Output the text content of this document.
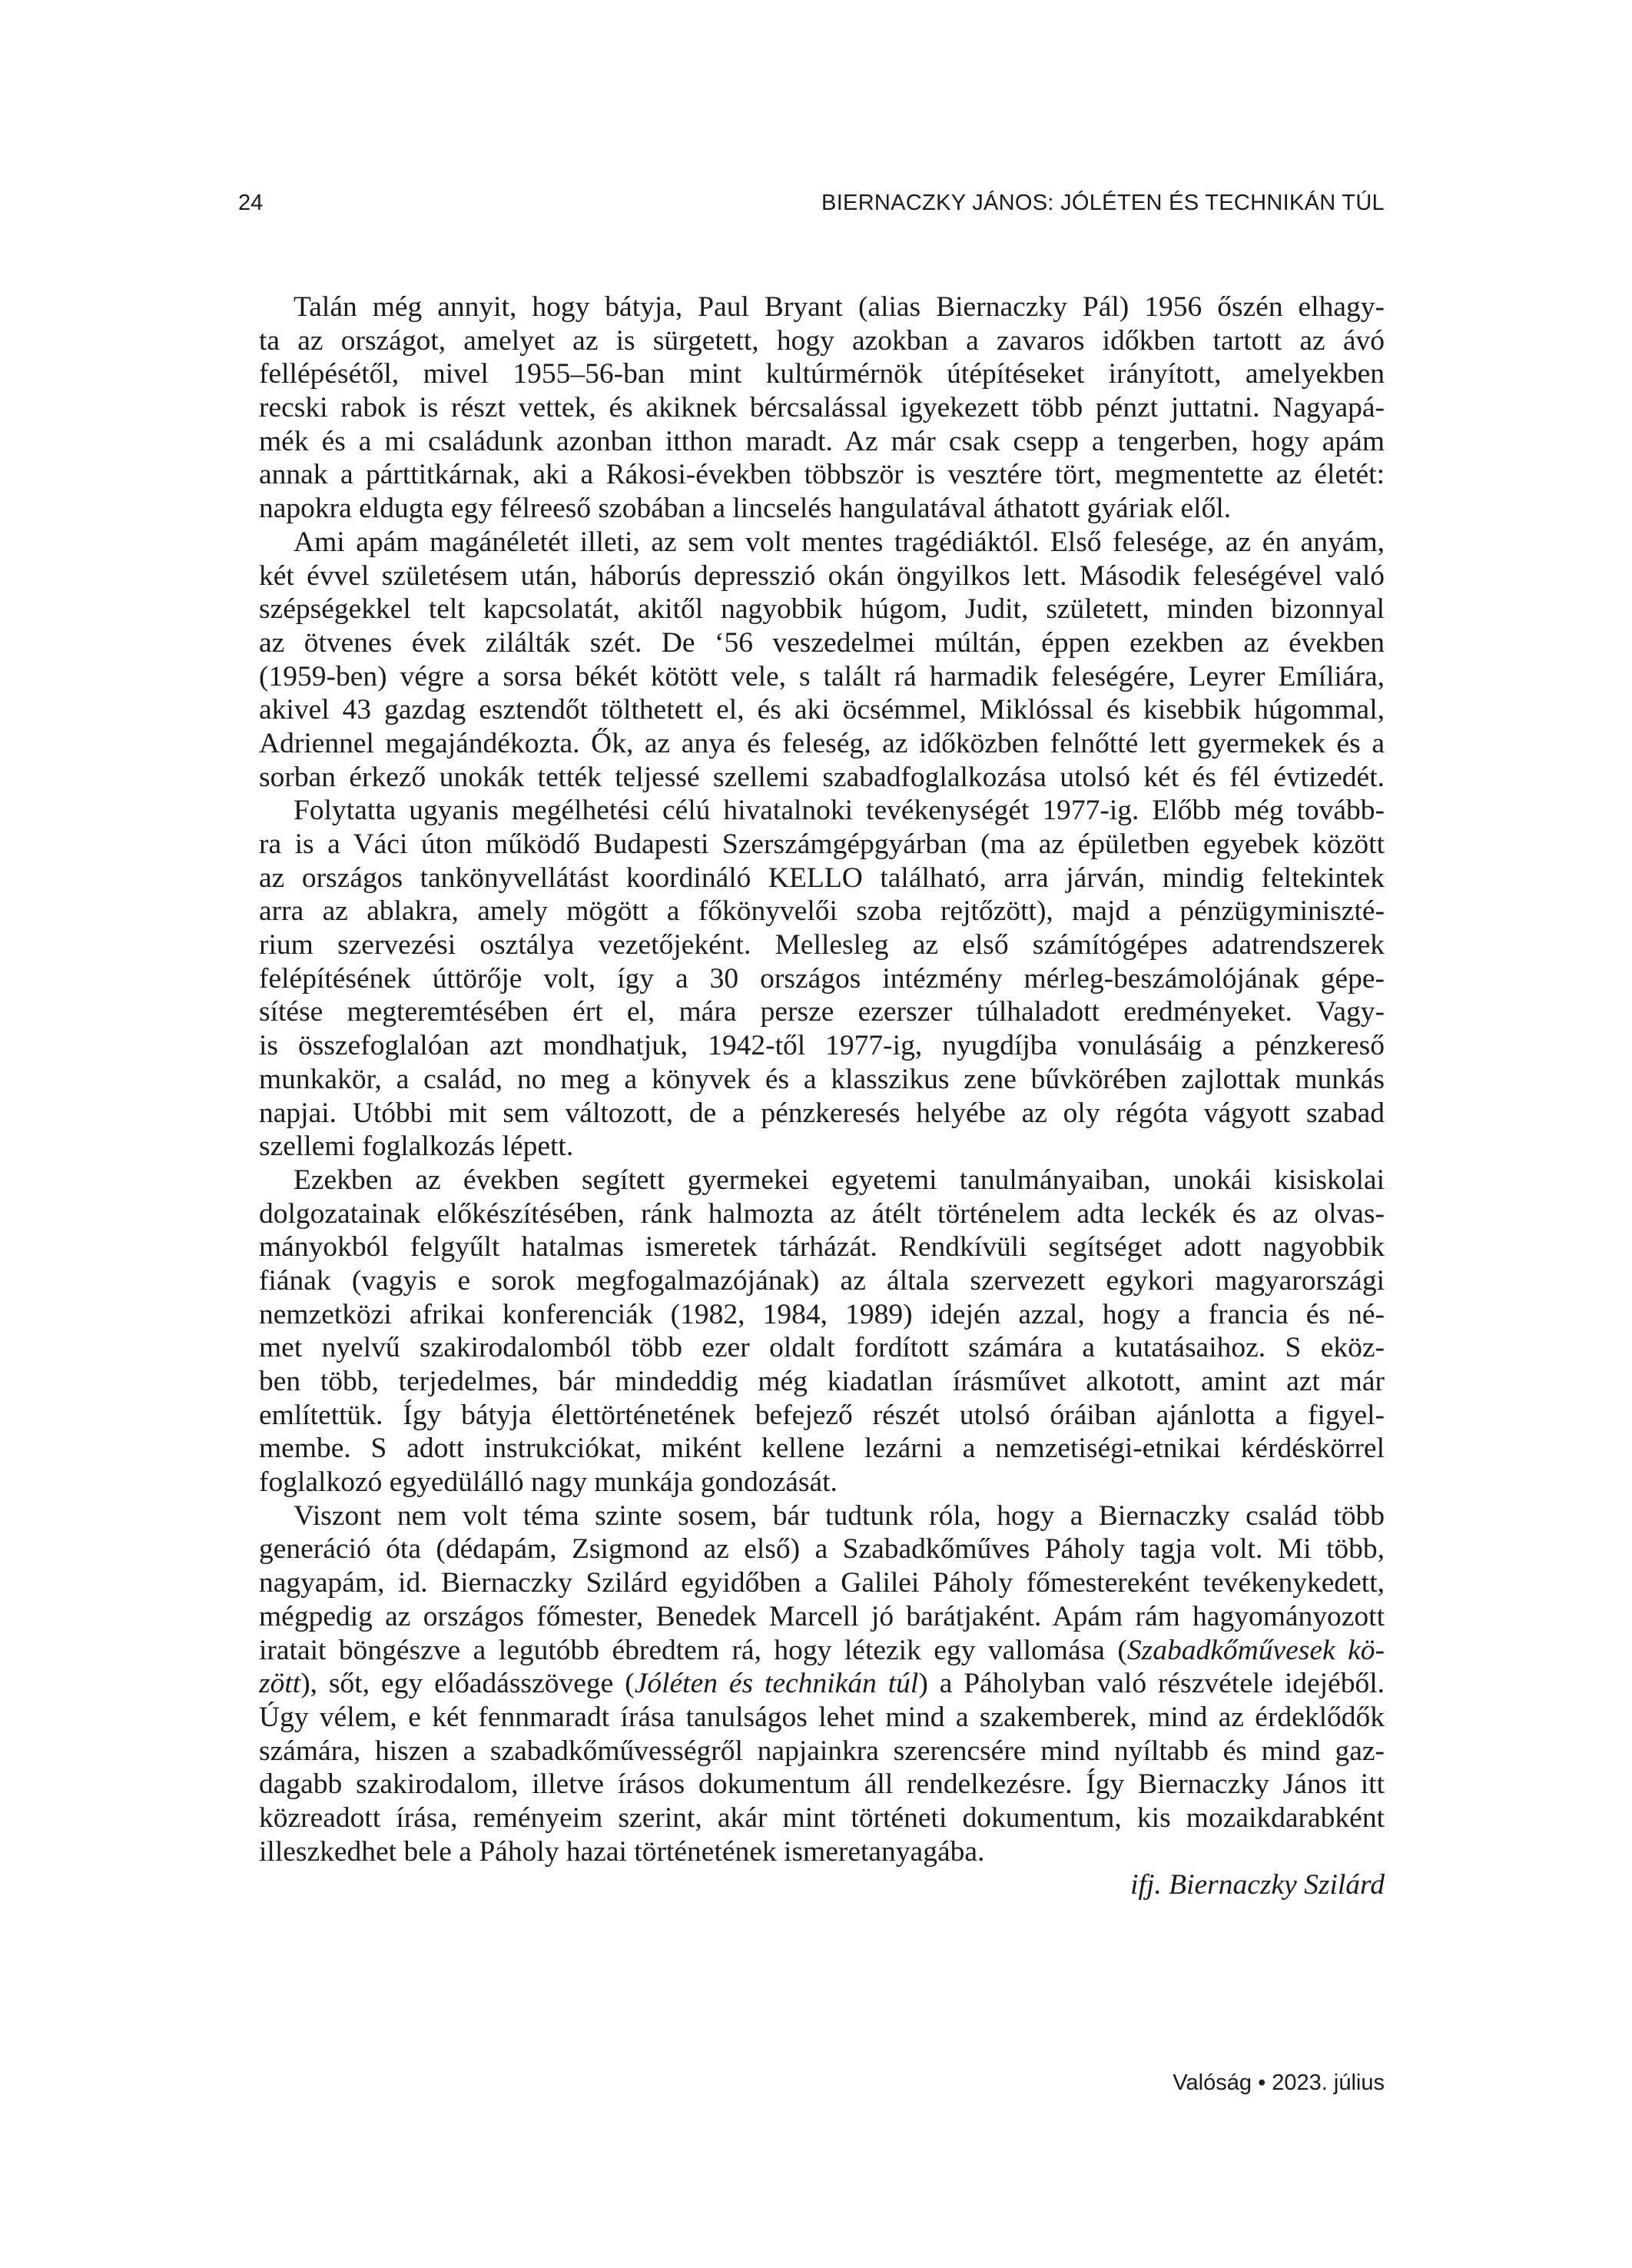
24	BIERNACZKY JÁNOS: JÓLÉTEN ÉS TECHNIKÁN TÚL
Talán még annyit, hogy bátyja, Paul Bryant (alias Biernaczky Pál) 1956 őszén elhagy-
ta az országot, amelyet az is sürgetett, hogy azokban a zavaros időkben tartott az ávó
fellépésétől, mivel 1955–56-ban mint kultúrmérnök útépítéseket irányított, amelyekben
recski rabok is részt vettek, és akiknek bércsalással igyekezett több pénzt juttatni. Nagyapá-
mék és a mi családunk azonban itthon maradt. Az már csak csepp a tengerben, hogy apám
annak a párttitkárnak, aki a Rákosi-években többször is vesztére tört, megmentette az életét:
napokra eldugta egy félreeső szobában a lincselés hangulatával áthatott gyáriak elől.
Ami apám magánéletét illeti, az sem volt mentes tragédiáktól. Első felesége, az én anyám,
két évvel születésem után, háborús depresszió okán öngyilkos lett. Második feleségével való
szépségekkel telt kapcsolatát, akitől nagyobbik húgom, Judit, született, minden bizonnyal
az ötvenes évek zilálták szét. De ‘56 veszedelmei múltán, éppen ezekben az években
(1959-ben) végre a sorsa békét kötött vele, s talált rá harmadik feleségére, Leyrer Emíliára,
akivel 43 gazdag esztendőt tölthetett el, és aki öcsémmel, Miklóssal és kisebbik húgommal,
Adriennel megajándékozta. Ők, az anya és feleség, az időközben felnőtté lett gyermekek és a
sorban érkező unokák tették teljessé szellemi szabadfoglalkozása utolsó két és fél évtizedét.
Folytatta ugyanis megélhetési célú hivatalnoki tevékenységét 1977-ig. Előbb még tovább-
ra is a Váci úton működő Budapesti Szerszámgépgyárban (ma az épületben egyebek között
az országos tankönyvellátást koordináló KELLO található, arra járván, mindig feltekintek
arra az ablakra, amely mögött a főkönyvelői szoba rejtőzött), majd a pénzügyminiszté-
rium szervezési osztálya vezetőjeként. Mellesleg az első számítógépes adatrendszerek
felépítésének úttörője volt, így a 30 országos intézmény mérleg-beszámolójának gépe-
sítése megteremtésében ért el, mára persze ezerszer túlhaladott eredményeket. Vagy-
is összefoglalóan azt mondhatjuk, 1942-től 1977-ig, nyugdíjba vonulásáig a pénzkereső
munkakör, a család, no meg a könyvek és a klasszikus zene bűvkörében zajlottak munkás
napjai. Utóbbi mit sem változott, de a pénzkeresés helyébe az oly régóta vágyott szabad
szellemi foglalkozás lépett.
Ezekben az években segített gyermekei egyetemi tanulmányaiban, unokái kisiskolai
dolgozatainak előkészítésében, ránk halmozta az átélt történelem adta leckék és az olvas-
mányokból felgyűlt hatalmas ismeretek tárházát. Rendkívüli segítséget adott nagyobbik
fiának (vagyis e sorok megfogalmazójának) az általa szervezett egykori magyarországi
nemzetközi afrikai konferenciák (1982, 1984, 1989) idején azzal, hogy a francia és né-
met nyelvű szakirodalomból több ezer oldalt fordított számára a kutatásaihoz. S eköz-
ben több, terjedelmes, bár mindeddig még kiadatlan írásművet alkotott, amint azt már
említettük. Így bátyja élettörténetének befejező részét utolsó óráiban ajánlotta a figyel-
membe. S adott instrukciókat, miként kellene lezárni a nemzetiségi-etnikai kérdéskörrel
foglalkozó egyedülálló nagy munkája gondozását.
Viszont nem volt téma szinte sosem, bár tudtunk róla, hogy a Biernaczky család több
generáció óta (dédapám, Zsigmond az első) a Szabadkőműves Páholy tagja volt. Mi több,
nagyapám, id. Biernaczky Szilárd egyidőben a Galilei Páholy főmestereként tevékenykedett,
mégpedig az országos főmester, Benedek Marcell jó barátjaként. Apám rám hagyományozott
iratait böngészve a legutóbb ébredtem rá, hogy létezik egy vallomása (Szabadkőművesek kö-
zött), sőt, egy előadásszövege (Jóléten és technikán túl) a Páholyban való részvétele idejéből.
Úgy vélem, e két fennmaradt írása tanulságos lehet mind a szakemberek, mind az érdeklődők
számára, hiszen a szabadkőművességről napjainkra szerencsére mind nyíltabb és mind gaz-
dagabb szakirodalom, illetve írásos dokumentum áll rendelkezésre. Így Biernaczky János itt
közreadott írása, reményeim szerint, akár mint történeti dokumentum, kis mozaikdarabként
illeszkedhet bele a Páholy hazai történetének ismeretanyagába.
ifj. Biernaczky Szilárd
Valóság • 2023. július
